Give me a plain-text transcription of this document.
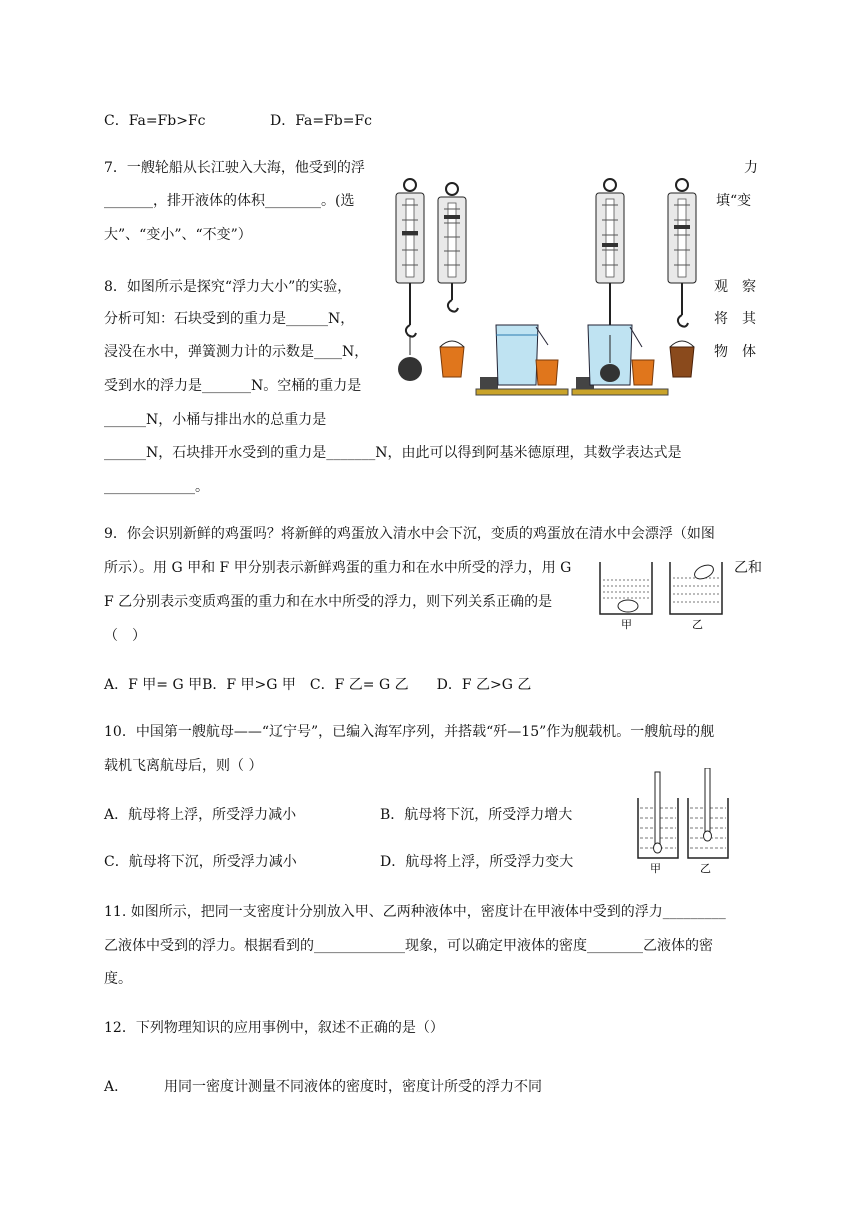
C．Fa=Fb>Fc	D．Fa=Fb=Fc
7．一艘轮船从长江驶入大海，他受到的浮	力
_______，排开液体的体积________。(选	填“变
大”、“变小”、“不变”）
8．如图所示是探究“浮力大小”的实验，	观　察
分析可知：石块受到的重力是______N，	将　其
浸没在水中，弹簧测力计的示数是____N，	物　体
受到水的浮力是_______N。空桶的重力是
______N，小桶与排出水的总重力是
______N，石块排开水受到的重力是_______N，由此可以得到阿基米德原理，其数学表达式是
_____________。
9．你会识别新鲜的鸡蛋吗？将新鲜的鸡蛋放入清水中会下沉，变质的鸡蛋放在清水中会漂浮（如图
所示）。用 G 甲和 F 甲分别表示新鲜鸡蛋的重力和在水中所受的浮力，用 G	乙和
F 乙分别表示变质鸡蛋的重力和在水中所受的浮力，则下列关系正确的是
（　）
甲	乙
A．F 甲= G 甲B．F 甲>G 甲　C．F 乙= G 乙　　D．F 乙>G 乙
10．中国第一艘航母——“辽宁号”，已编入海军序列，并搭载“歼—15”作为舰载机。一艘航母的舰
载机飞离航母后，则（ ）
A．航母将上浮，所受浮力减小	B．航母将下沉，所受浮力增大
C．航母将下沉，所受浮力减小	D．航母将上浮，所受浮力变大	甲	乙
11. 如图所示，把同一支密度计分别放入甲、乙两种液体中，密度计在甲液体中受到的浮力_________
乙液体中受到的浮力。根据看到的_____________现象，可以确定甲液体的密度________乙液体的密
度。
12．下列物理知识的应用事例中，叙述不正确的是（）
A．	用同一密度计测量不同液体的密度时，密度计所受的浮力不同
